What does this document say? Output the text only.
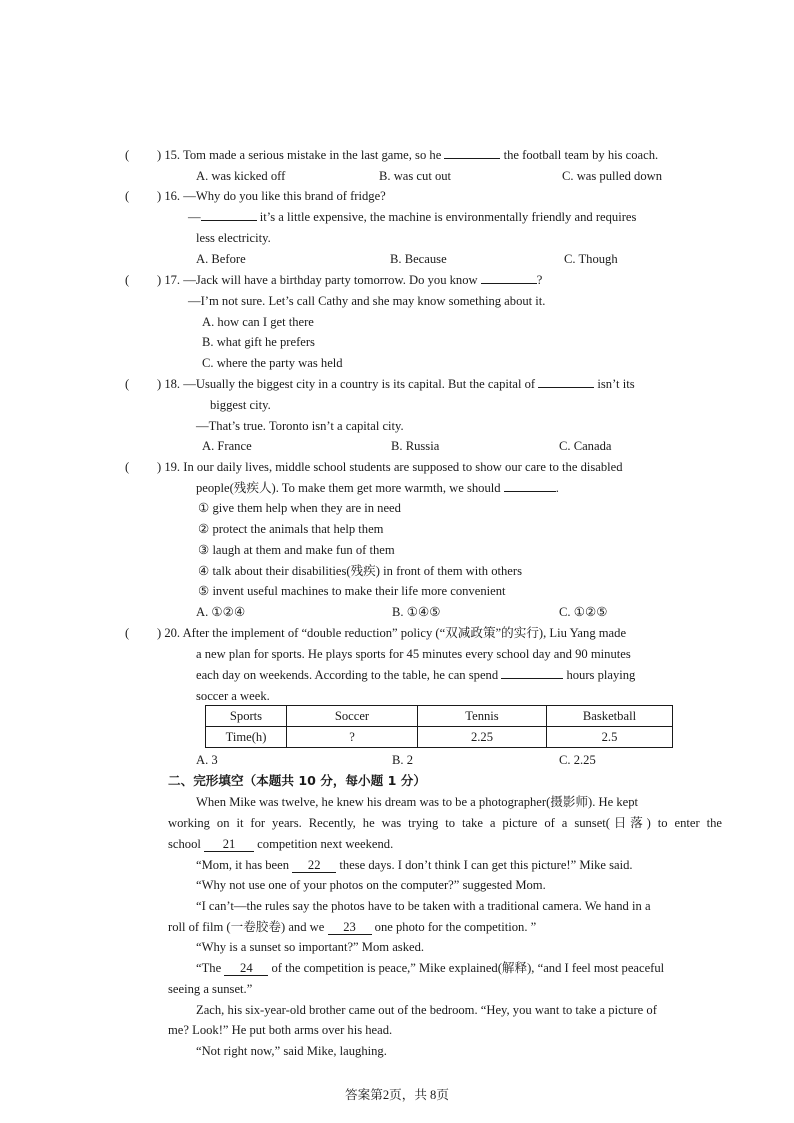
( ) 15. Tom made a serious mistake in the last game, so he	the football team by his coach.
A. was kicked off	B. was cut out	C. was pulled down
( ) 16. —Why do you like this brand of fridge?
—	it’s a little expensive, the machine is environmentally friendly and requires
less electricity.
A. Before	B. Because	C. Though
( ) 17. —Jack will have a birthday party tomorrow. Do you know	?
—I’m not sure. Let’s call Cathy and she may know something about it.
A. how can I get there
B. what gift he prefers
C. where the party was held
( ) 18. —Usually the biggest city in a country is its capital. But the capital of	isn’t its
biggest city.
—That’s true. Toronto isn’t a capital city.
A. France	B. Russia	C. Canada
( ) 19. In our daily lives, middle school students are supposed to show our care to the disabled
people(残疾人). To make them get more warmth, we should	.
① give them help when they are in need
② protect the animals that help them
③ laugh at them and make fun of them
④ talk about their disabilities(残疾) in front of them with others
⑤ invent useful machines to make their life more convenient
A. ①②④	B. ①④⑤	C. ①②⑤
( ) 20. After the implement of “double reduction” policy (“双减政策”的实行), Liu Yang made
a new plan for sports. He plays sports for 45 minutes every school day and 90 minutes
each day on weekends. According to the table, he can spend	hours playing
soccer a week.
Sports	Soccer	Tennis	Basketball
Time(h)	?	2.25	2.5
A. 3	B. 2	C. 2.25
二、完形填空（本题共 10 分，每小题 1 分）
When Mike was twelve, he knew his dream was to be a photographer(摄影师). He kept
working on it for years. Recently, he was trying to take a picture of a sunset(日落) to enter the
school 21 competition next weekend.
“Mom, it has been 22 these days. I don’t think I can get this picture!” Mike said.
“Why not use one of your photos on the computer?” suggested Mom.
“I can’t—the rules say the photos have to be taken with a traditional camera. We hand in a
roll of film (一卷胶卷) and we 23 one photo for the competition. ”
“Why is a sunset so important?” Mom asked.
“The 24 of the competition is peace,” Mike explained(解释), “and I feel most peaceful
seeing a sunset.”
Zach, his six-year-old brother came out of the bedroom. “Hey, you want to take a picture of
me? Look!” He put both arms over his head.
“Not right now,” said Mike, laughing.
答案第2页，共 8页
